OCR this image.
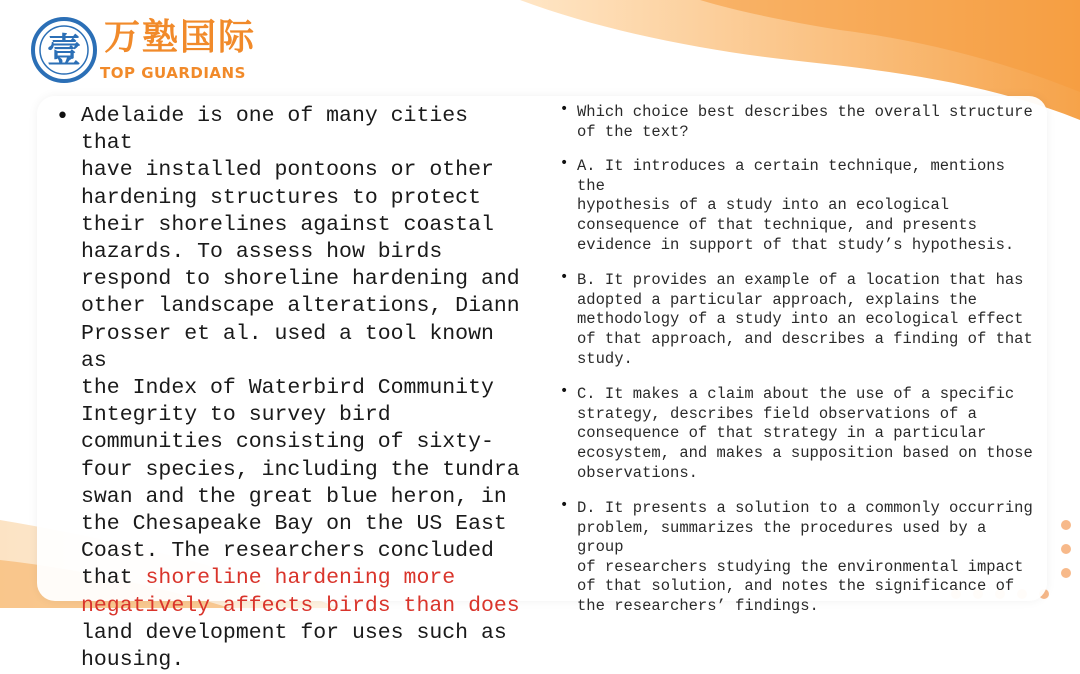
壹 万塾国际
TOP GUARDIANS
• Adelaide is one of many cities that
have installed pontoons or other
hardening structures to protect
their shorelines against coastal
hazards. To assess how birds
respond to shoreline hardening and
other landscape alterations, Diann
Prosser et al. used a tool known as
the Index of Waterbird Community
Integrity to survey bird
communities consisting of sixty-
four species, including the tundra
swan and the great blue heron, in
the Chesapeake Bay on the US East
Coast. The researchers concluded
that shoreline hardening more
negatively affects birds than does
land development for uses such as
housing.

• Which choice best describes the overall structure
of the text?
• A. It introduces a certain technique, mentions the
hypothesis of a study into an ecological
consequence of that technique, and presents
evidence in support of that study’s hypothesis.
• B. It provides an example of a location that has
adopted a particular approach, explains the
methodology of a study into an ecological effect
of that approach, and describes a finding of that
study.
• C. It makes a claim about the use of a specific
strategy, describes field observations of a
consequence of that strategy in a particular
ecosystem, and makes a supposition based on those
observations.
• D. It presents a solution to a commonly occurring
problem, summarizes the procedures used by a group
of researchers studying the environmental impact
of that solution, and notes the significance of
the researchers’ findings.
